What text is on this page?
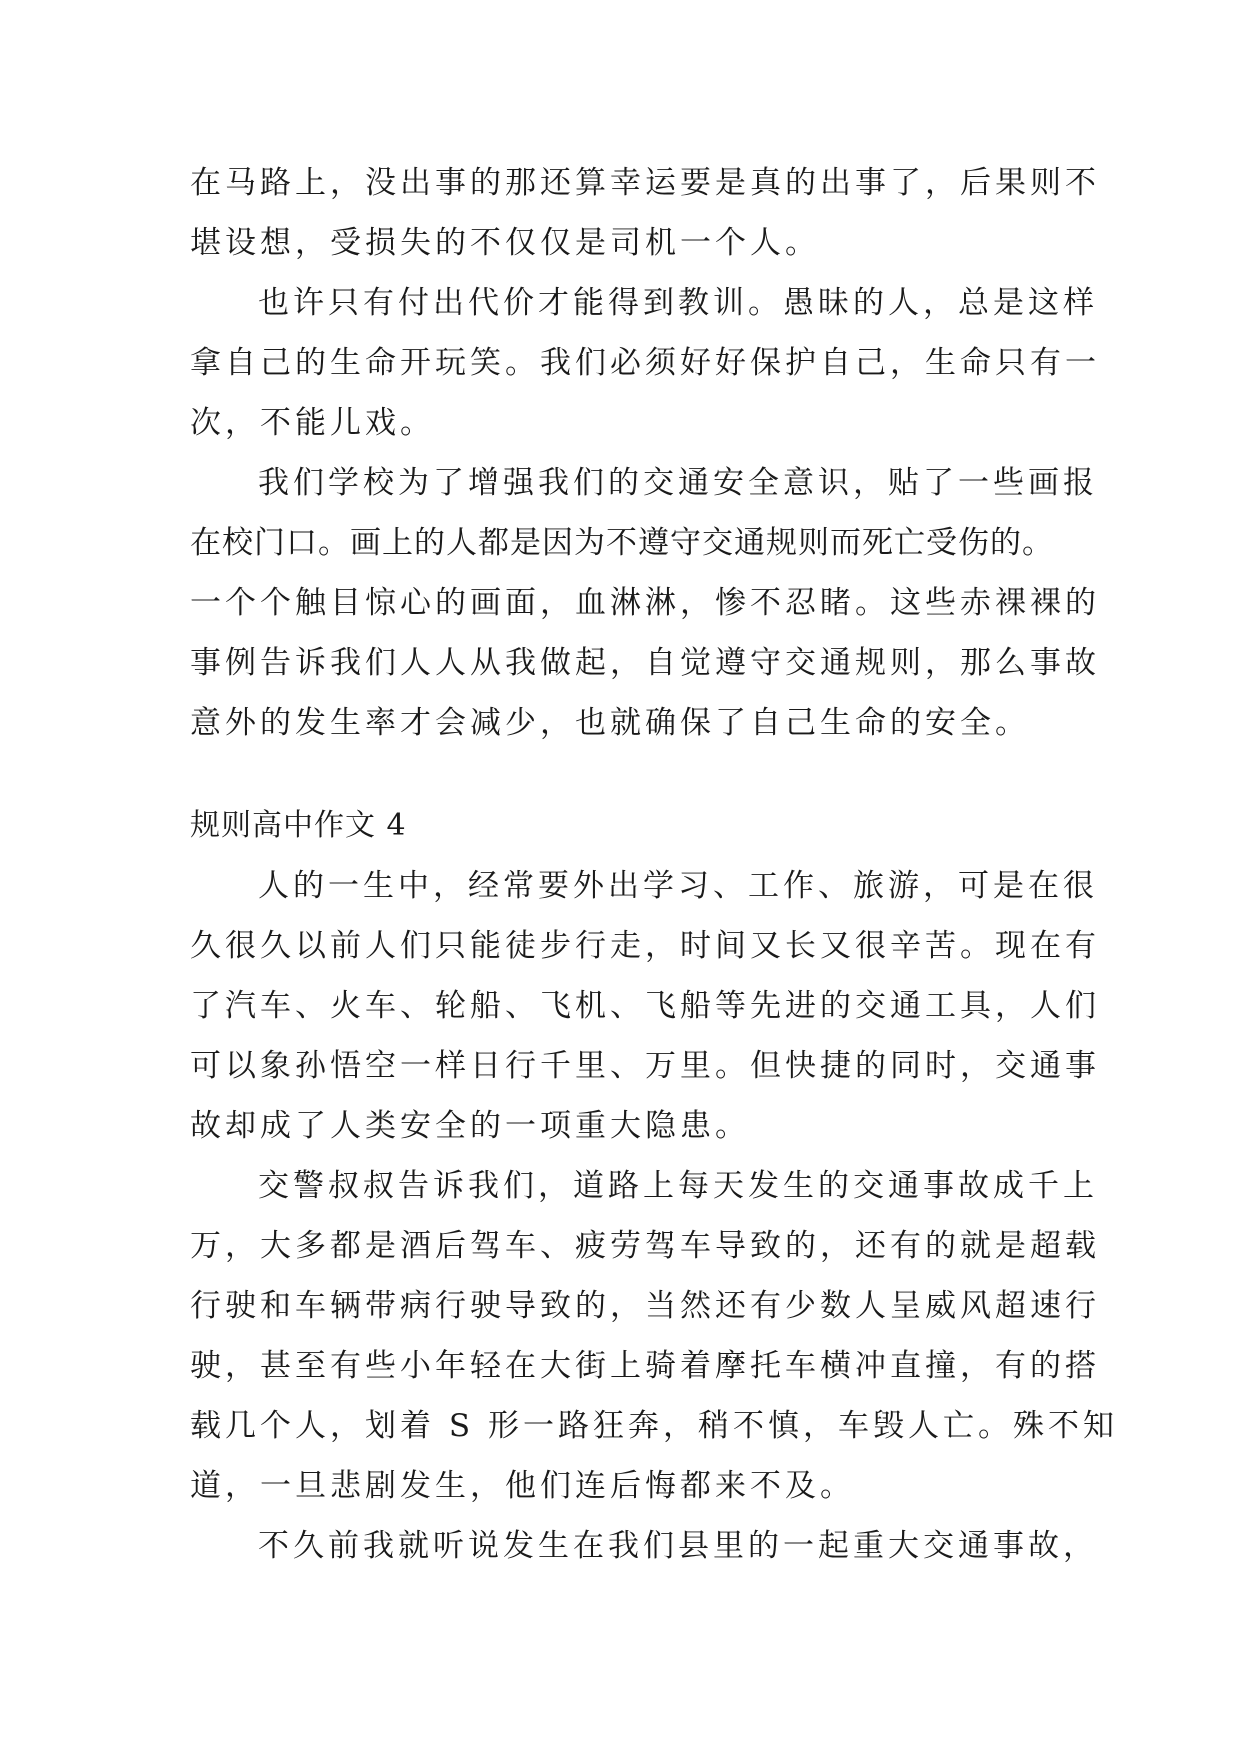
在马路上，没出事的那还算幸运要是真的出事了，后果则不
堪设想，受损失的不仅仅是司机一个人。
也许只有付出代价才能得到教训。愚昧的人，总是这样
拿自己的生命开玩笑。我们必须好好保护自己，生命只有一
次，不能儿戏。
我们学校为了增强我们的交通安全意识，贴了一些画报
在校门口。画上的人都是因为不遵守交通规则而死亡受伤的。
一个个触目惊心的画面，血淋淋，惨不忍睹。这些赤裸裸的
事例告诉我们人人从我做起，自觉遵守交通规则，那么事故
意外的发生率才会减少，也就确保了自己生命的安全。
规则高中作文 4
人的一生中，经常要外出学习、工作、旅游，可是在很
久很久以前人们只能徒步行走，时间又长又很辛苦。现在有
了汽车、火车、轮船、飞机、飞船等先进的交通工具，人们
可以象孙悟空一样日行千里、万里。但快捷的同时，交通事
故却成了人类安全的一项重大隐患。
交警叔叔告诉我们，道路上每天发生的交通事故成千上
万，大多都是酒后驾车、疲劳驾车导致的，还有的就是超载
行驶和车辆带病行驶导致的，当然还有少数人呈威风超速行
驶，甚至有些小年轻在大街上骑着摩托车横冲直撞，有的搭
载几个人，划着 S 形一路狂奔，稍不慎，车毁人亡。殊不知
道，一旦悲剧发生，他们连后悔都来不及。
不久前我就听说发生在我们县里的一起重大交通事故，
